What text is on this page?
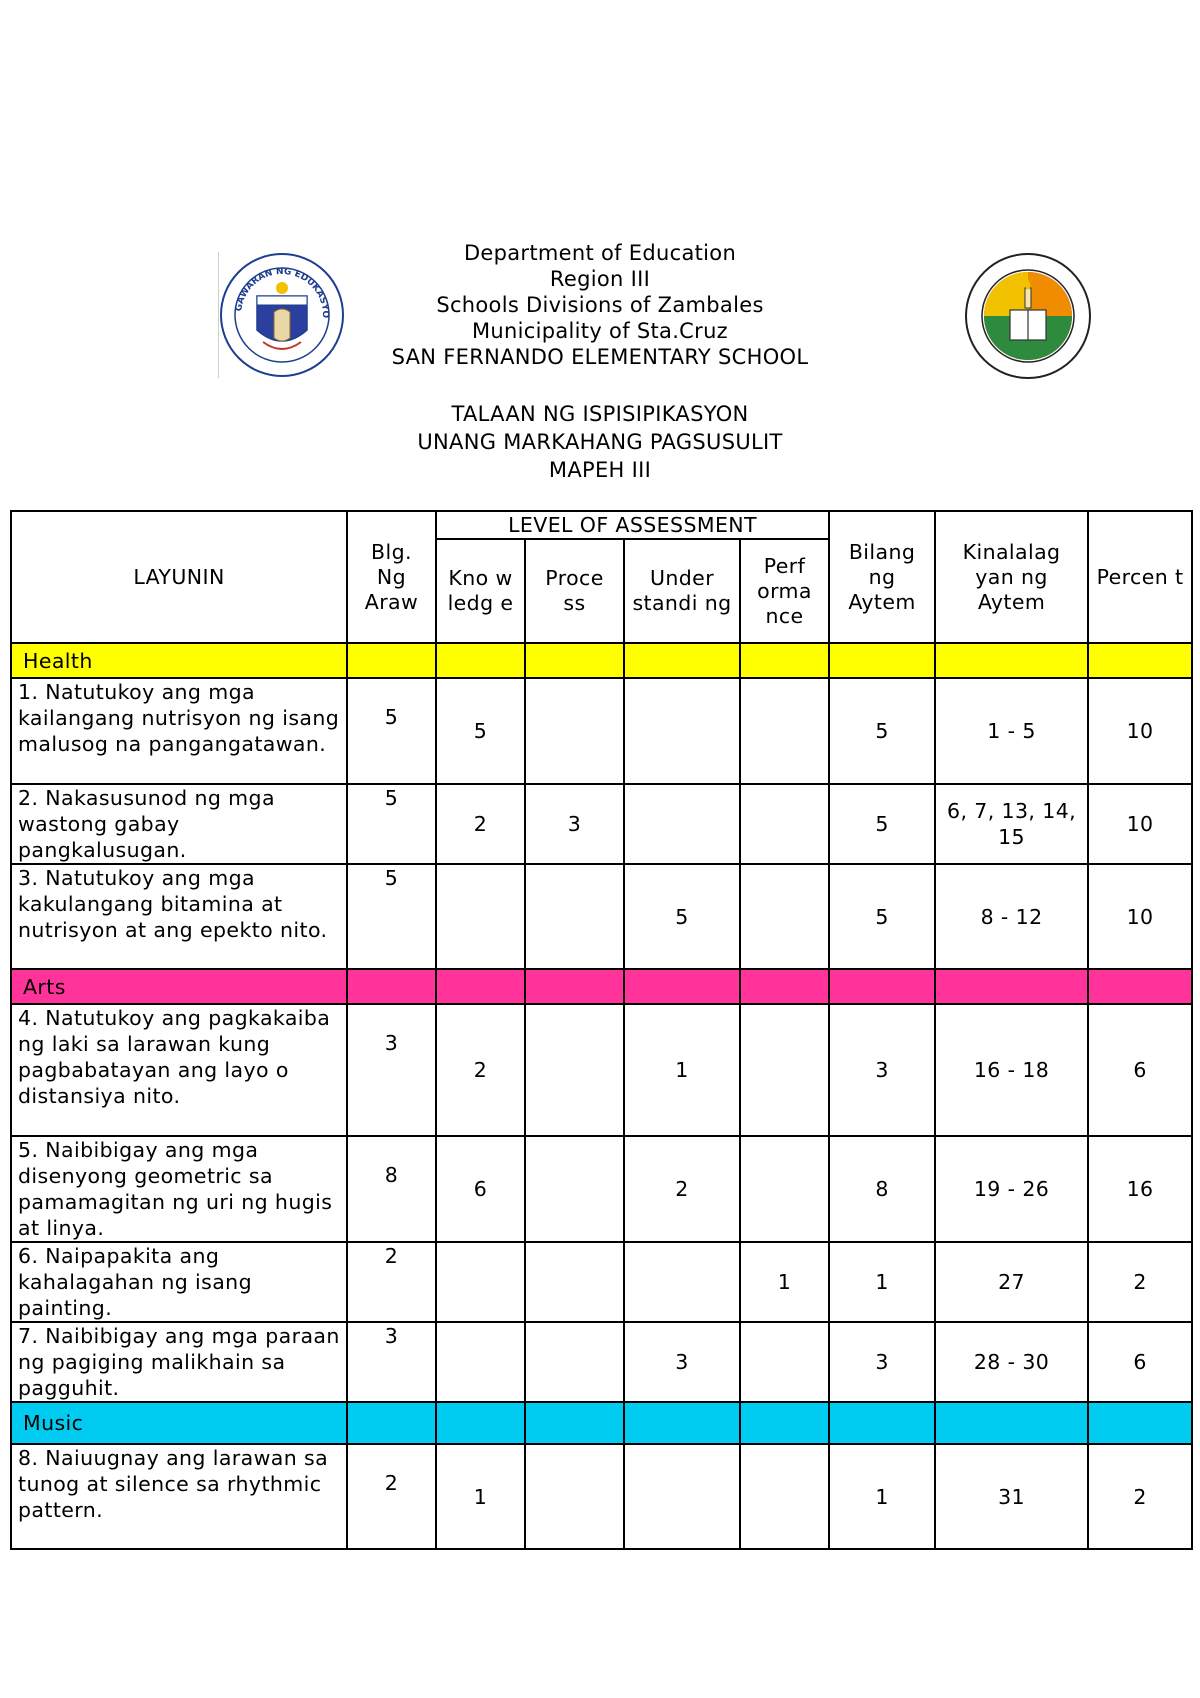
GAWARAN NG EDUKASYO
Department of Education
Region III
Schools Divisions of Zambales
Municipality of Sta.Cruz
SAN FERNANDO ELEMENTARY SCHOOL
TALAAN NG ISPISIPIKASYON
UNANG MARKAHANG PAGSUSULIT
MAPEH III
LAYUNIN	Blg. Ng Araw	LEVEL OF ASSESSMENT				Bilang ng Aytem	Kinalalag yan ng Aytem	Percen t
		Kno w ledg e	Proce ss	Under standi ng	Perf orma nce			
Health								
1. Natutukoy ang mga kailangang nutrisyon ng isang malusog na pangangatawan.	5	5				5	1 - 5	10
2. Nakasusunod ng mga wastong gabay pangkalusugan.	5	2	3			5	6, 7, 13, 14, 15	10
3. Natutukoy ang mga kakulangang bitamina at nutrisyon at ang epekto nito.	5			5		5	8 - 12	10
Arts								
4. Natutukoy ang pagkakaiba ng laki sa larawan kung pagbabatayan ang layo o distansiya nito.	3	2		1		3	16 - 18	6
5. Naibibigay ang mga disenyong geometric sa pamamagitan ng uri ng hugis at linya.	8	6		2		8	19 - 26	16
6. Naipapakita ang kahalagahan ng isang painting.	2				1	1	27	2
7. Naibibigay ang mga paraan ng pagiging malikhain sa pagguhit.	3			3		3	28 - 30	6
Music								
8. Naiuugnay ang larawan sa tunog at silence sa rhythmic pattern.	2	1				1	31	2
